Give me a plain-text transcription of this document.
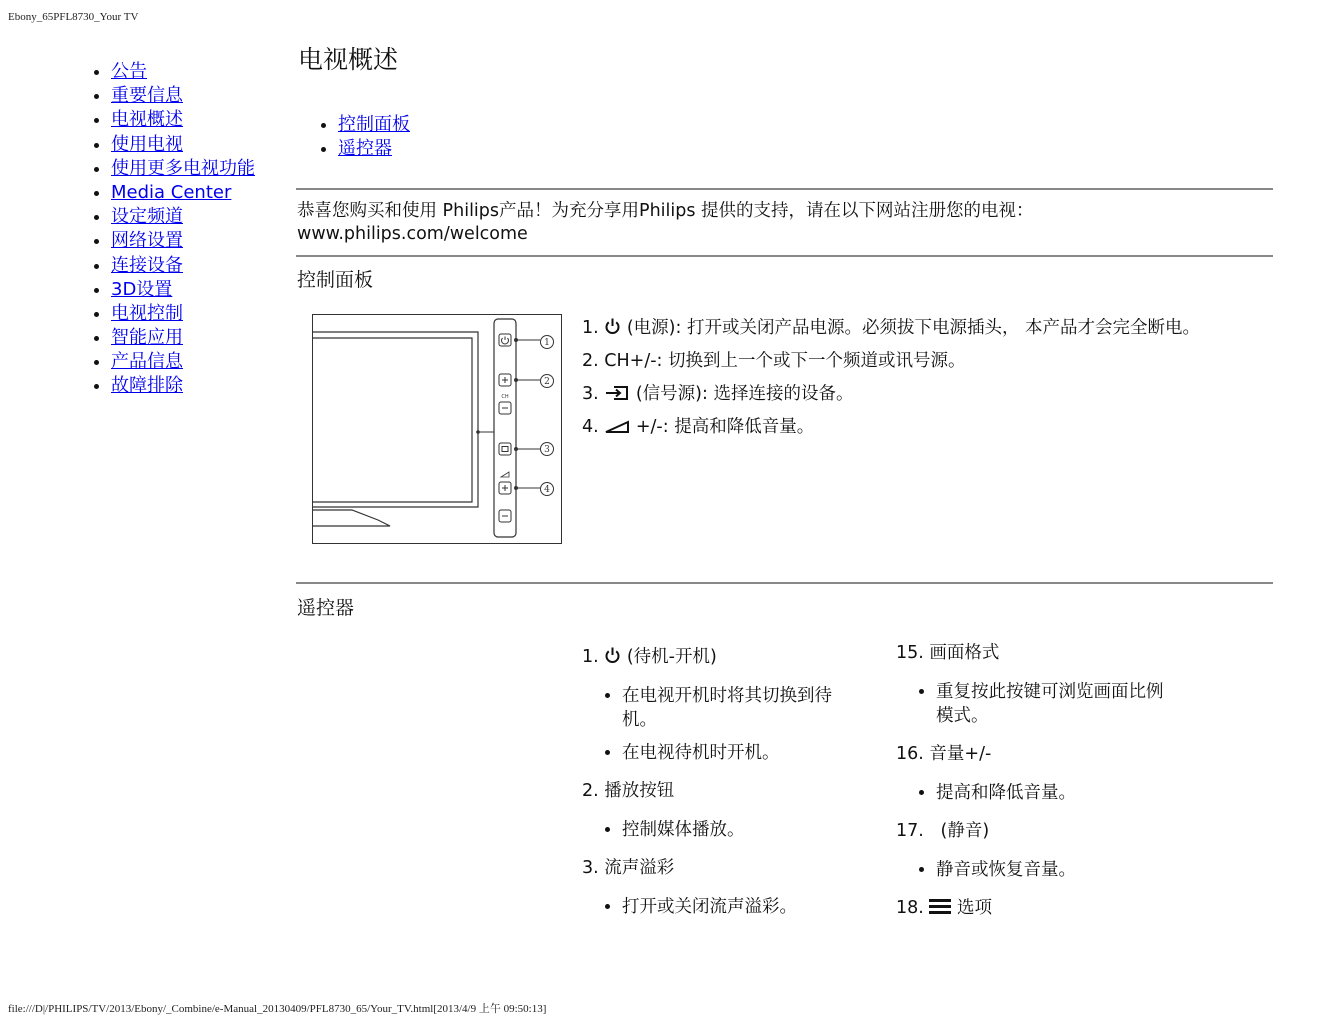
Ebony_65PFL8730_Your TV
• 公告
• 重要信息
• 电视概述
• 使用电视
• 使用更多电视功能
• Media Center
• 设定频道
• 网络设置
• 连接设备
• 3D设置
• 电视控制
• 智能应用
• 产品信息
• 故障排除
电视概述
• 控制面板
• 遥控器
恭喜您购买和使用 Philips产品！为充分享用Philips 提供的支持，请在以下网站注册您的电视：
www.philips.com/welcome
控制面板
CH
1
2
3
4

1. (电源): 打开或关闭产品电源。必须拔下电源插头， 本产品才会完全断电。

2. CH+/-: 切换到上一个或下一个频道或讯号源。

3. (信号源): 选择连接的设备。

4. +/-: 提高和降低音量。

遥控器

1. (待机-开机)

• 在电视开机时将其切换到待机。
• 在电视待机时开机。

2. 播放按钮

• 控制媒体播放。

3. 流声溢彩

• 打开或关闭流声溢彩。

15. 画面格式

• 重复按此按键可浏览画面比例模式。

16. 音量+/-

• 提高和降低音量。

17.   (静音)

• 静音或恢复音量。

18. 选项

file:///D|/PHILIPS/TV/2013/Ebony/_Combine/e-Manual_20130409/PFL8730_65/Your_TV.html[2013/4/9 上午 09:50:13]
